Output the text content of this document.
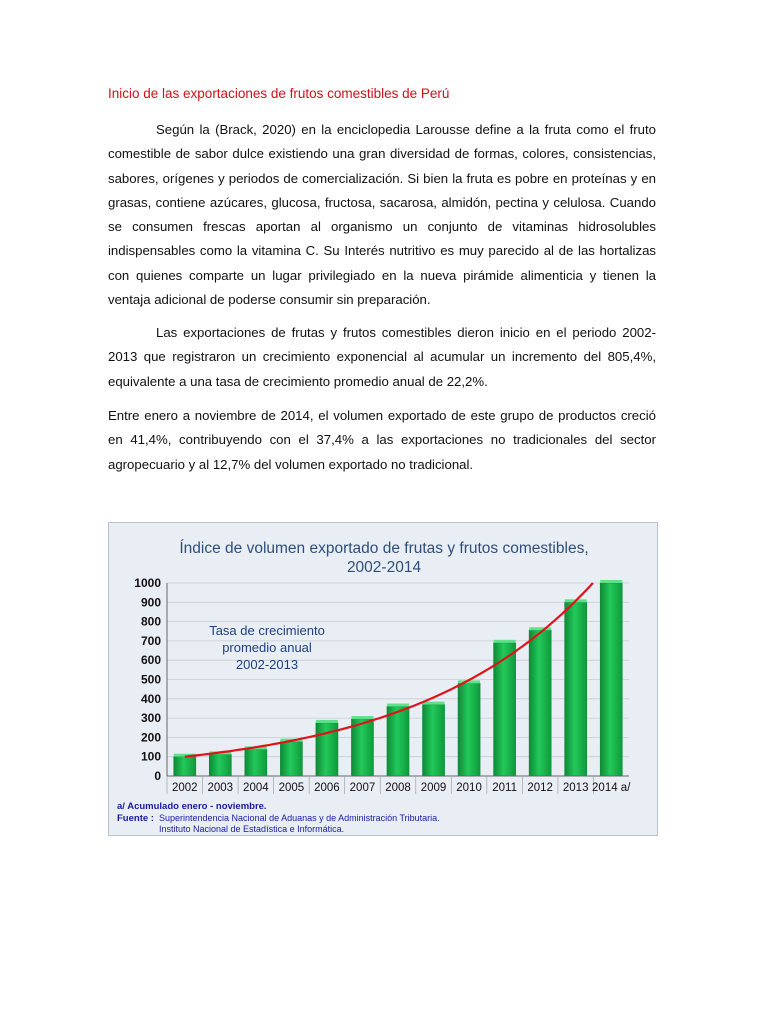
Inicio de las exportaciones de frutos comestibles de Perú

Según la (Brack, 2020) en la enciclopedia Larousse define a la fruta como el fruto comestible de sabor dulce existiendo una gran diversidad de formas, colores, consistencias, sabores, orígenes y periodos de comercialización. Si bien la fruta es pobre en proteínas y en grasas, contiene azúcares, glucosa, fructosa, sacarosa, almidón, pectina y celulosa. Cuando se consumen frescas aportan al organismo un conjunto de vitaminas hidrosolubles indispensables como la vitamina C. Su Interés nutritivo es muy parecido al de las hortalizas con quienes comparte un lugar privilegiado en la nueva pirámide alimenticia y tienen la ventaja adicional de poderse consumir sin preparación.

Las exportaciones de frutas y frutos comestibles dieron inicio en el periodo 2002-2013 que registraron un crecimiento exponencial al acumular un incremento del 805,4%, equivalente a una tasa de crecimiento promedio anual de 22,2%.

Entre enero a noviembre de 2014, el volumen exportado de este grupo de productos creció en 41,4%, contribuyendo con el 37,4% a las exportaciones no tradicionales del sector agropecuario y al 12,7% del volumen exportado no tradicional.

Índice de volumen exportado de frutas y frutos comestibles,
2002-2014
0
100
200
300
400
500
600
700
800
900
1000
2002 2003 2004 2005 2006 2007 2008 2009 2010 2011 2012 2013 2014 a/
Tasa de crecimiento
promedio anual
2002-2013
a/ Acumulado enero - noviembre.
Fuente : Superintendencia Nacional de Aduanas y de Administración Tributaria.
Instituto Nacional de Estadística e Informática.
